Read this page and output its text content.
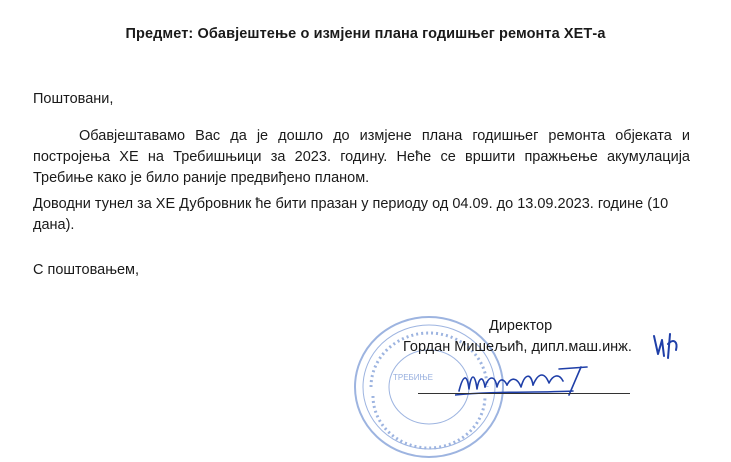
Предмет: Обавјештење о измјени плана годишњег ремонта ХЕТ-а
Поштовани,

Обавјештавамо Вас да је дошло до измјене плана годишњег ремонта објеката и постројења ХЕ на Требишњици за 2023. годину. Неће се вршити пражњење акумулација Требиње како је било раније предвиђено планом.

Доводни тунел за ХЕ Дубровник ће бити празан у периоду од 04.09. до 13.09.2023. године (10 дана).

С поштовањем,
ТРЕБИЊЕ
Директор
Гордан Мишељић, дипл.маш.инж.
